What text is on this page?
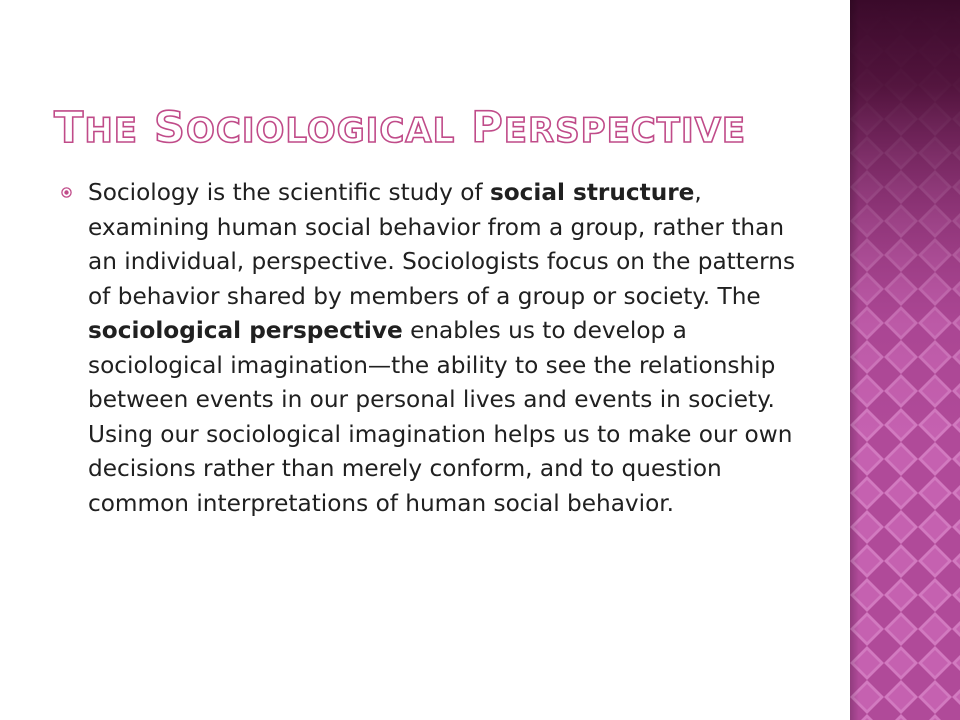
THE SOCIOLOGICAL PERSPECTIVE
Sociology is the scientific study of social structure, examining human social behavior from a group, rather than an individual, perspective. Sociologists focus on the patterns of behavior shared by members of a group or society. The sociological perspective enables us to develop a sociological imagination—the ability to see the relationship between events in our personal lives and events in society. Using our sociological imagination helps us to make our own decisions rather than merely conform, and to question common interpretations of human social behavior.
